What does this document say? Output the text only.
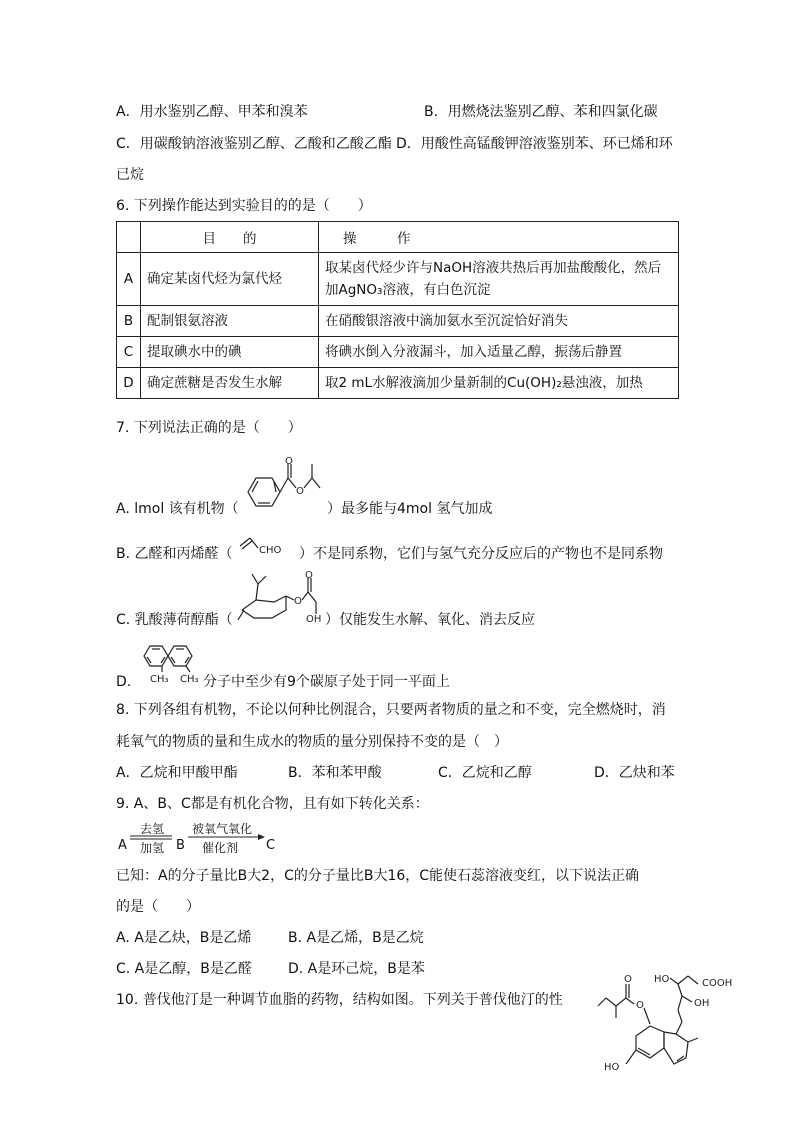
A．用水鉴别乙醇、甲苯和溴苯	B．用燃烧法鉴别乙醇、苯和四氯化碳
C．用碳酸钠溶液鉴别乙醇、乙酸和乙酸乙酯 D．用酸性高锰酸钾溶液鉴别苯、环已烯和环
已烷
6. 下列操作能达到实验目的的是（　　）
	目　　的	操　　　作
A	确定某卤代烃为氯代烃	取某卤代烃少许与NaOH溶液共热后再加盐酸酸化，然后加AgNO₃溶液，有白色沉淀
B	配制银氨溶液	在硝酸银溶液中滴加氨水至沉淀恰好消失
C	提取碘水中的碘	将碘水倒入分液漏斗，加入适量乙醇，振荡后静置
D	确定蔗糖是否发生水解	取2 mL水解液滴加少量新制的Cu(OH)₂悬浊液，加热
7. 下列说法正确的是（　　）
A. lmol 该有机物（
O
O
）最多能与4mol 氢气加成
B. 乙醛和丙烯醛（	CHO ）不是同系物，它们与氢气充分反应后的产物也不是同系物
C. 乳酸薄荷醇酯（
O
O
OH ）仅能发生水解、氧化、消去反应
D. CH₃ CH₃ 分子中至少有9个碳原子处于同一平面上
8. 下列各组有机物，不论以何种比例混合，只要两者物质的量之和不变，完全燃烧时，消
耗氧气的物质的量和生成水的物质的量分别保持不变的是（　）
A．乙烷和甲酸甲酯	B．苯和苯甲酸	C．乙烷和乙醇	D．乙炔和苯
9. A、B、C都是有机化合物，且有如下转化关系：
去氢
加氢
被氧气氧化
催化剂
A	B	C
已知：A的分子量比B大2，C的分子量比B大16，C能使石蕊溶液变红，以下说法正确
的是（　　）
A. A是乙炔，B是乙烯	B. A是乙烯，B是乙烷
C. A是乙醇，B是乙醛	D. A是环己烷，B是苯
10. 普伐他汀是一种调节血脂的药物，结构如图。下列关于普伐他汀的性
HO	COOH
OH
O
O
HO
